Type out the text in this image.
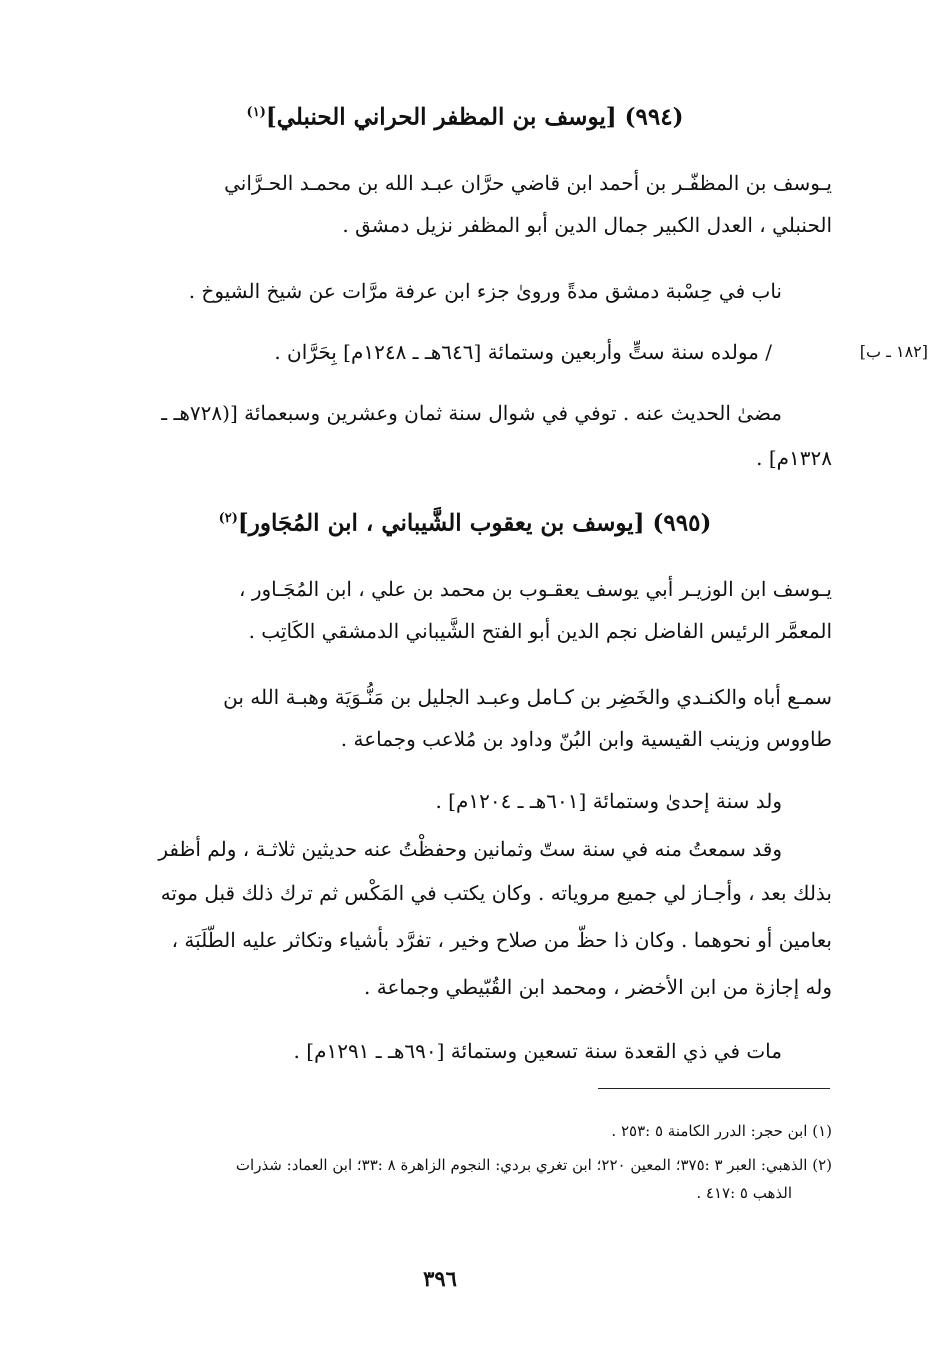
(٩٩٤) [يوسف بن المظفر الحراني الحنبلي]$^{(١)}$
يـوسف بن المظفّـر بن أحمد ابن قاضي حرَّان عبـد الله بن محمـد الحـرَّاني
الحنبلي ، العدل الكبير جمال الدين أبو المظفر نزيل دمشق .
ناب في حِسْبة دمشق مدةً وروىٰ جزء ابن عرفة مرَّات عن شيخ الشيوخ .
[١٨٢ ـ ب]
/ مولده سنة ستٍّ وأربعين وستمائة [٦٤٦هـ ـ ١٢٤٨م] بِحَرَّان .
مضىٰ الحديث عنه . توفي في شوال سنة ثمان وعشرين وسبعمائة [(٧٢٨هـ ـ
١٣٢٨م] .
(٩٩٥) [يوسف بن يعقوب الشَّيباني ، ابن المُجَاور]$^{(٢)}$
يـوسف ابن الوزيـر أبي يوسف يعقـوب بن محمد بن علي ، ابن المُجَـاور ،
المعمَّر الرئيس الفاضل نجم الدين أبو الفتح الشَّيباني الدمشقي الكَاتِب .
سمـع أباه والكنـدي والخَضِر بن كـامل وعبـد الجليل بن مَنُّـوَيَة وهبـة الله بن
طاووس وزينب القيسية وابن البُنّ وداود بن مُلاعب وجماعة .
ولد سنة إحدىٰ وستمائة [٦٠١هـ ـ ١٢٠٤م] .
وقد سمعتُ منه في سنة ستّ وثمانين وحفظْتُ عنه حديثين ثلاثـة ، ولم أظفر
بذلك بعد ، وأجـاز لي جميع مروياته . وكان يكتب في المَكْس ثم ترك ذلك قبل موته
بعامين أو نحوهما . وكان ذا حظّ من صلاح وخير ، تفرَّد بأشياء وتكاثر عليه الطَّلَبَة ،
وله إجازة من ابن الأخضر ، ومحمد ابن القُبّيطي وجماعة .
مات في ذي القعدة سنة تسعين وستمائة [٦٩٠هـ ـ ١٢٩١م] .
(١) ابن حجر: الدرر الكامنة ٥ :٢٥٣ .
(٢) الذهبي: العبر ٣ :٣٧٥؛ المعين ٢٢٠؛ ابن تغري بردي: النجوم الزاهرة ٨ :٣٣؛ ابن العماد: شذرات
الذهب ٥ :٤١٧ .
٣٩٦
